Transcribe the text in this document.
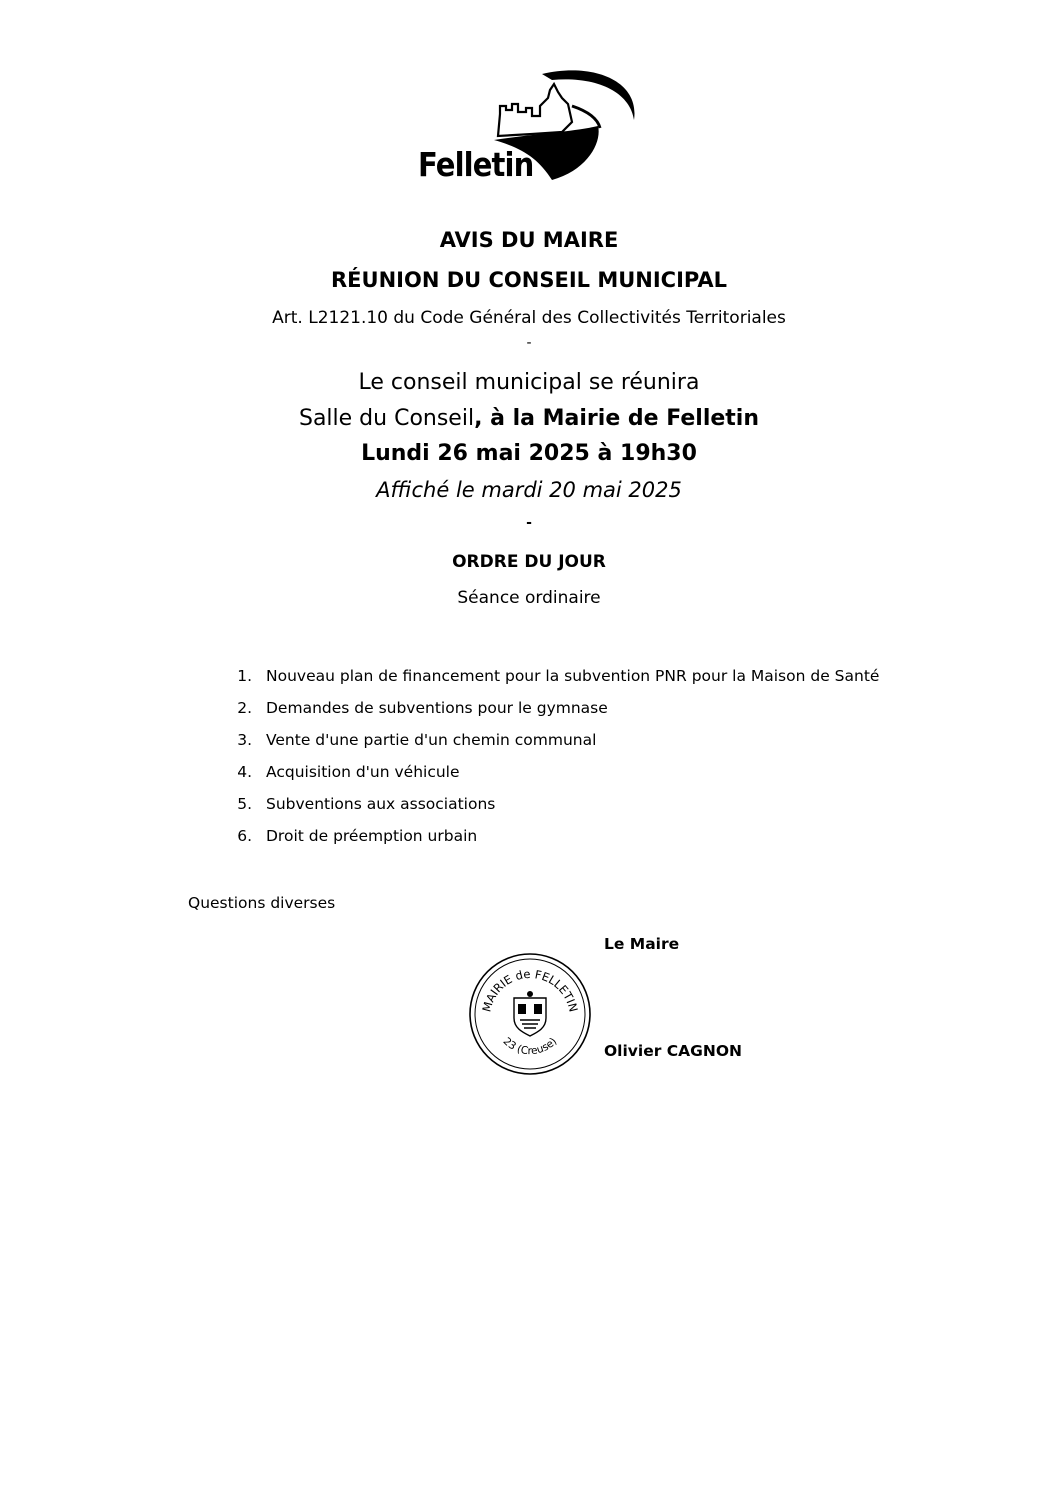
Felletin
AVIS DU MAIRE
RÉUNION DU CONSEIL MUNICIPAL
Art. L2121.10 du Code Général des Collectivités Territoriales
-
Le conseil municipal se réunira
Salle du Conseil, à la Mairie de Felletin
Lundi 26 mai 2025 à 19h30
Affiché le mardi 20 mai 2025
-
ORDRE DU JOUR
Séance ordinaire
1. Nouveau plan de financement pour la subvention PNR pour la Maison de Santé
2. Demandes de subventions pour le gymnase
3. Vente d'une partie d'un chemin communal
4. Acquisition d'un véhicule
5. Subventions aux associations
6. Droit de préemption urbain
Questions diverses
Le Maire
MAIRIE de FELLETIN
23 (Creuse)
Olivier CAGNON
